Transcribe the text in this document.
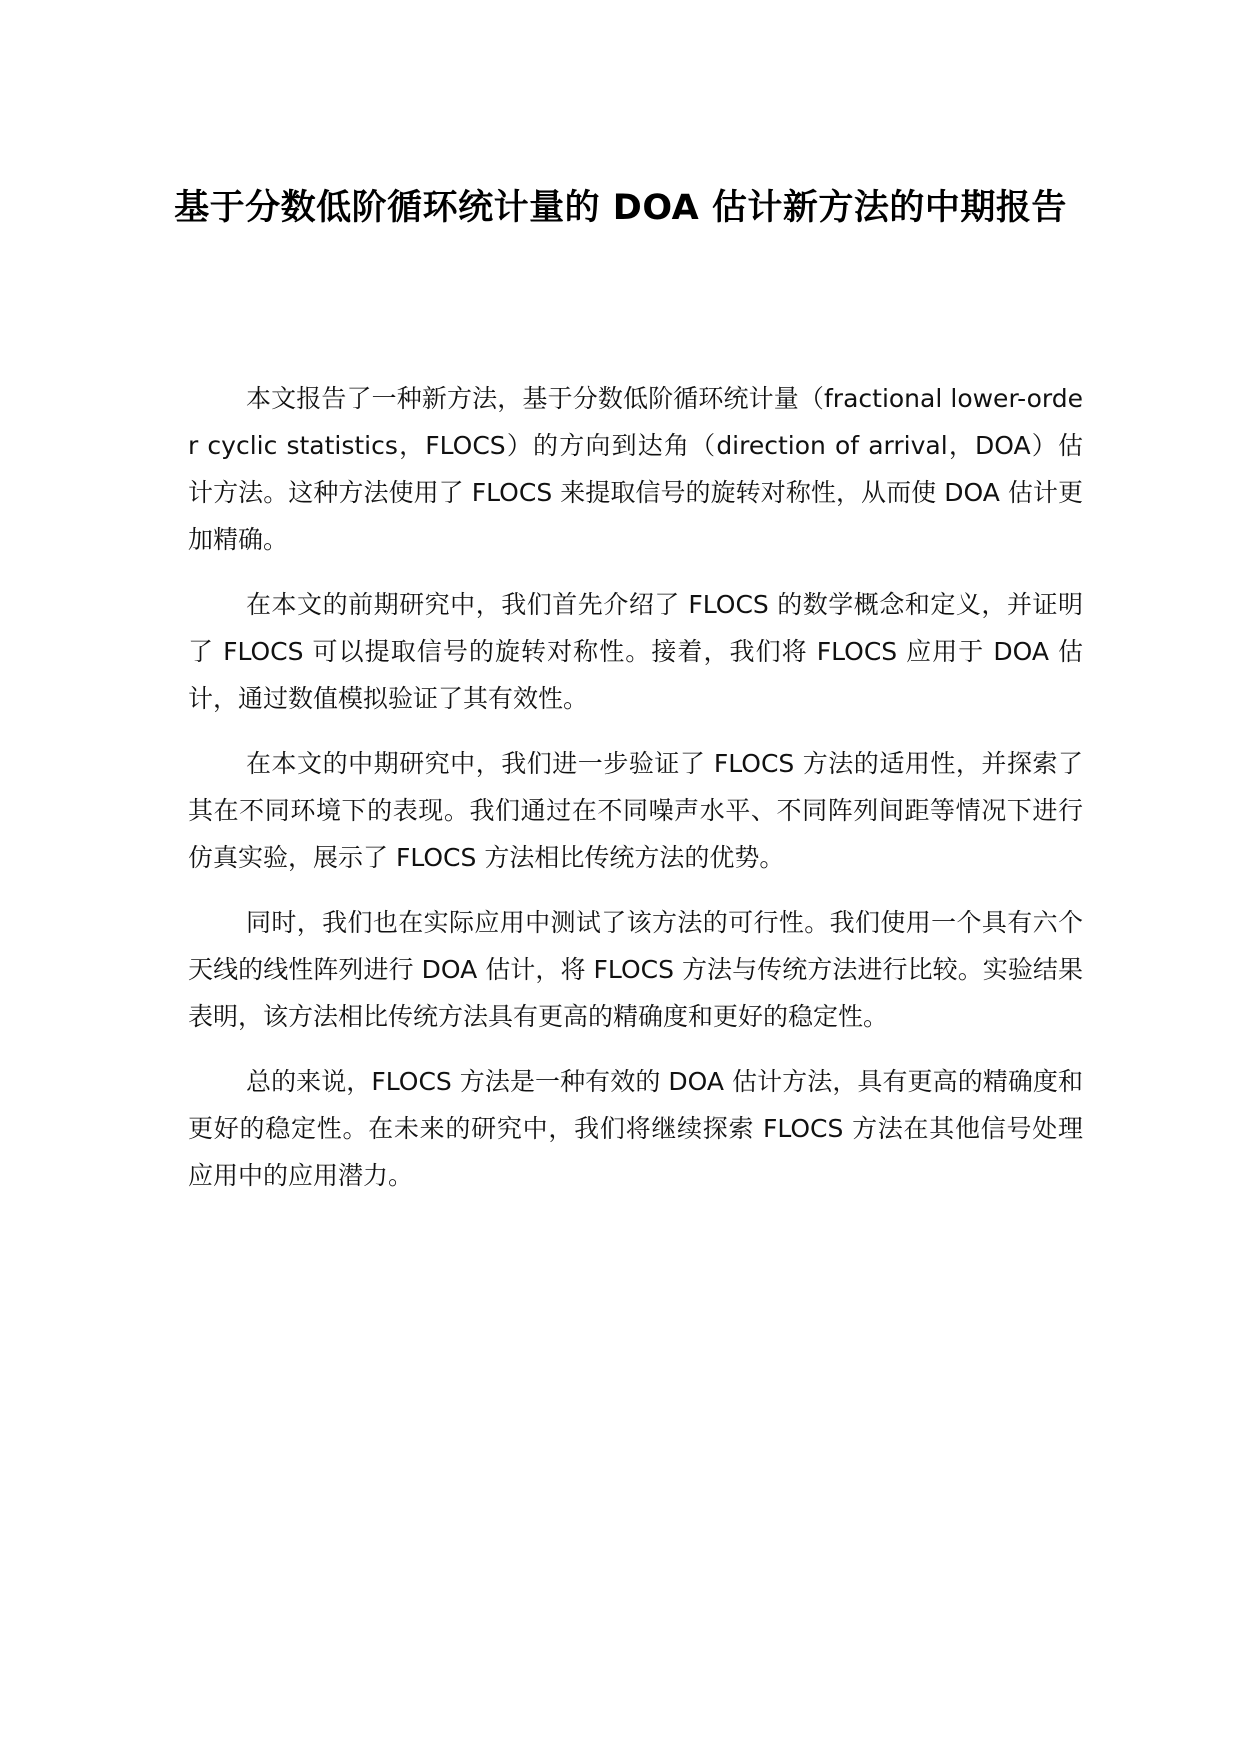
基于分数低阶循环统计量的 DOA 估计新方法的中期报告

本文报告了一种新方法，基于分数低阶循环统计量（fractional lower-order cyclic statistics，FLOCS）的方向到达角（direction of arrival，DOA）估计方法。这种方法使用了 FLOCS 来提取信号的旋转对称性，从而使 DOA 估计更加精确。

在本文的前期研究中，我们首先介绍了 FLOCS 的数学概念和定义，并证明了 FLOCS 可以提取信号的旋转对称性。接着，我们将 FLOCS 应用于 DOA 估计，通过数值模拟验证了其有效性。

在本文的中期研究中，我们进一步验证了 FLOCS 方法的适用性，并探索了其在不同环境下的表现。我们通过在不同噪声水平、不同阵列间距等情况下进行仿真实验，展示了 FLOCS 方法相比传统方法的优势。

同时，我们也在实际应用中测试了该方法的可行性。我们使用一个具有六个天线的线性阵列进行 DOA 估计，将 FLOCS 方法与传统方法进行比较。实验结果表明，该方法相比传统方法具有更高的精确度和更好的稳定性。

总的来说，FLOCS 方法是一种有效的 DOA 估计方法，具有更高的精确度和更好的稳定性。在未来的研究中，我们将继续探索 FLOCS 方法在其他信号处理应用中的应用潜力。
